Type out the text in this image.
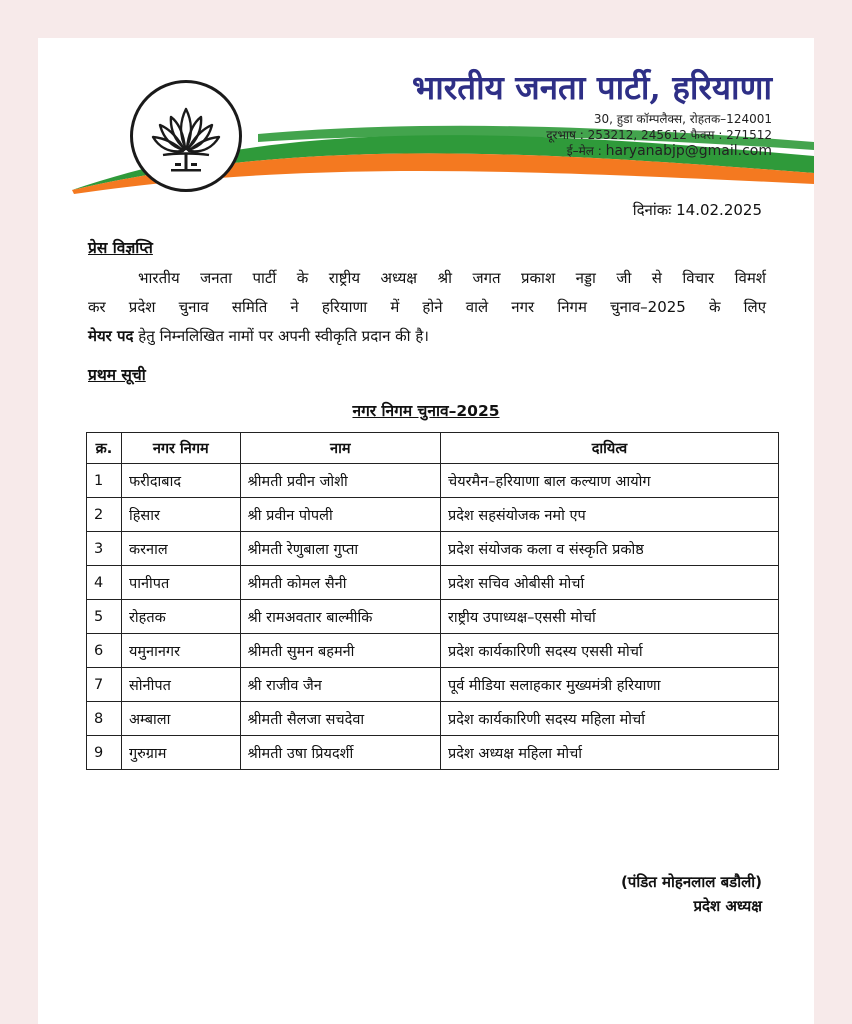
भारतीय जनता पार्टी, हरियाणा
30, हुडा कॉम्पलैक्स, रोहतक–124001
दूरभाष : 253212, 245612 फैक्स : 271512
ई–मेल : haryanabjp@gmail.com
दिनांकः 14.02.2025
प्रेस विज्ञप्ति
भारतीय जनता पार्टी के राष्ट्रीय अध्यक्ष श्री जगत प्रकाश नड्डा जी से विचार विमर्श
कर प्रदेश चुनाव समिति ने हरियाणा में होने वाले नगर निगम चुनाव–2025 के लिए
मेयर पद हेतु निम्नलिखित नामों पर अपनी स्वीकृति प्रदान की है।
प्रथम सूची
नगर निगम चुनाव–2025
क्र.	नगर निगम	नाम	दायित्व
1	फरीदाबाद	श्रीमती प्रवीन जोशी	चेयरमैन–हरियाणा बाल कल्याण आयोग
2	हिसार	श्री प्रवीन पोपली	प्रदेश सहसंयोजक नमो एप
3	करनाल	श्रीमती रेणुबाला गुप्ता	प्रदेश संयोजक कला व संस्कृति प्रकोष्ठ
4	पानीपत	श्रीमती कोमल सैनी	प्रदेश सचिव ओबीसी मोर्चा
5	रोहतक	श्री रामअवतार बाल्मीकि	राष्ट्रीय उपाध्यक्ष–एससी मोर्चा
6	यमुनानगर	श्रीमती सुमन बहमनी	प्रदेश कार्यकारिणी सदस्य एससी मोर्चा
7	सोनीपत	श्री राजीव जैन	पूर्व मीडिया सलाहकार मुख्यमंत्री हरियाणा
8	अम्बाला	श्रीमती सैलजा सचदेवा	प्रदेश कार्यकारिणी सदस्य महिला मोर्चा
9	गुरुग्राम	श्रीमती उषा प्रियदर्शी	प्रदेश अध्यक्ष महिला मोर्चा
(पंडित मोहनलाल बडौली)
प्रदेश अध्यक्ष
